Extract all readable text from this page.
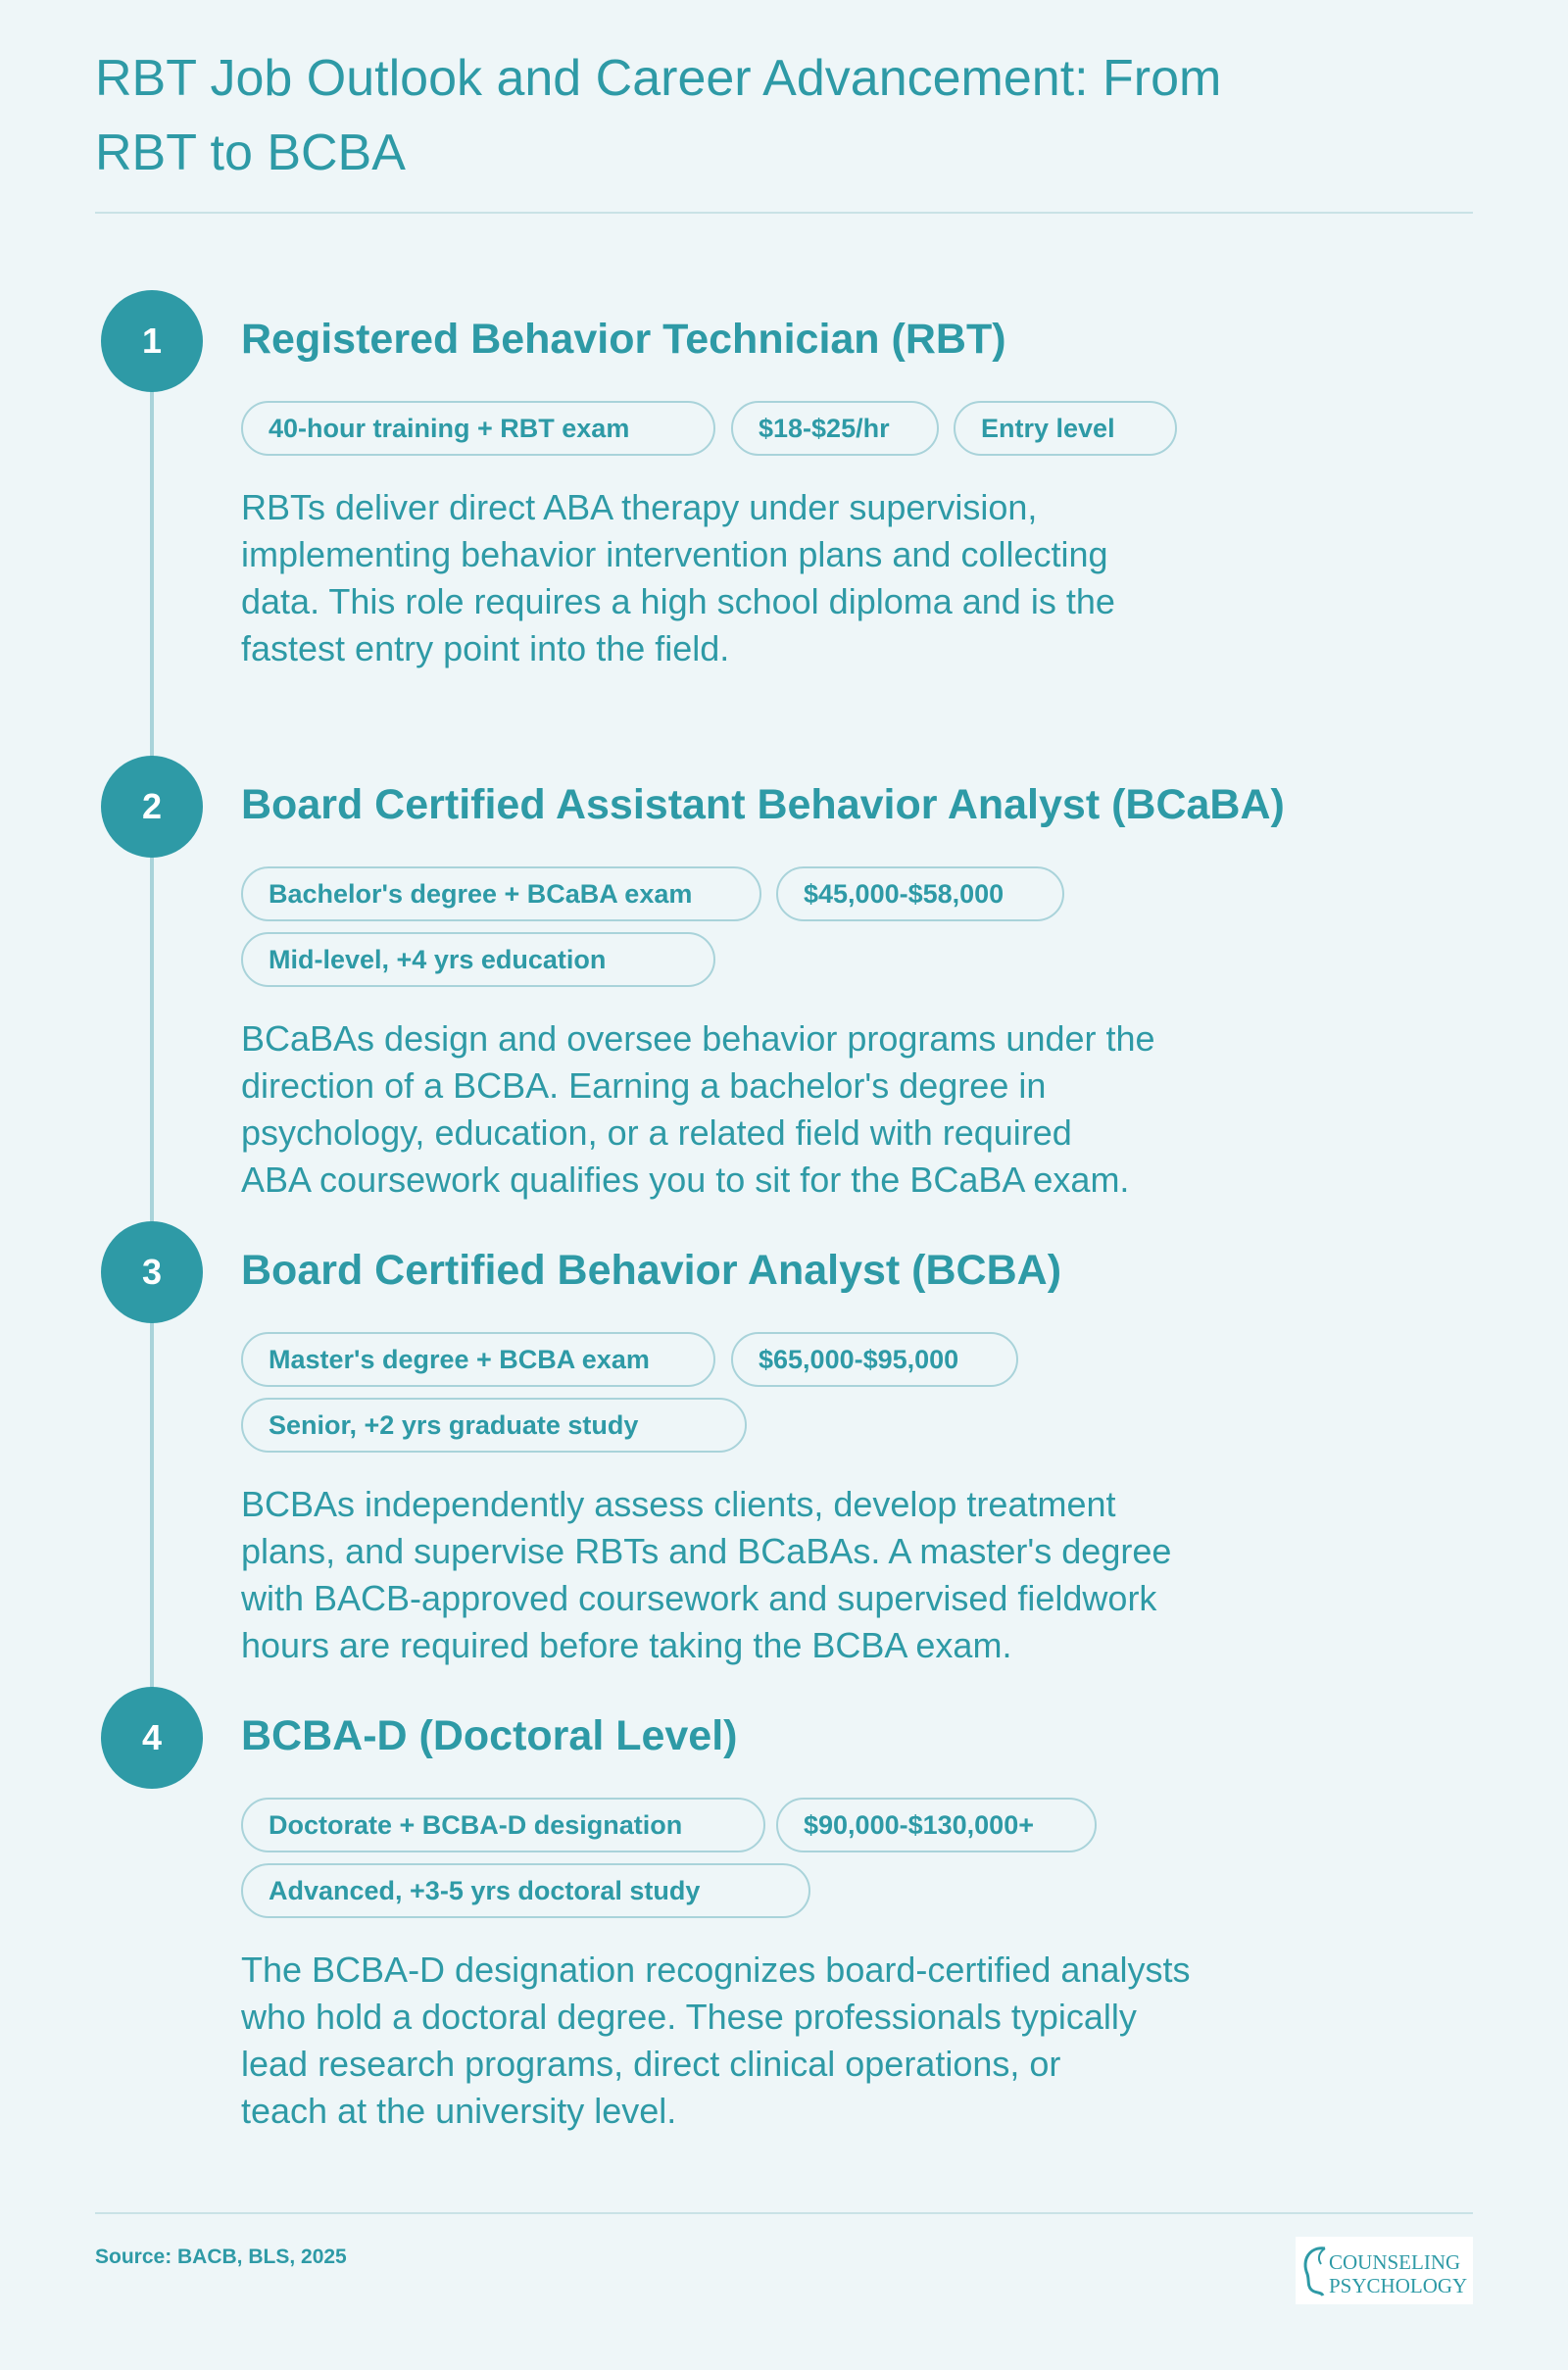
RBT Job Outlook and Career Advancement: From
RBT to BCBA
1	Registered Behavior Technician (RBT)
40-hour training + RBT exam	$18-$25/hr	Entry level
RBTs deliver direct ABA therapy under supervision,
implementing behavior intervention plans and collecting
data. This role requires a high school diploma and is the
fastest entry point into the field.
2	Board Certified Assistant Behavior Analyst (BCaBA)
Bachelor's degree + BCaBA exam	$45,000-$58,000
Mid-level, +4 yrs education
BCaBAs design and oversee behavior programs under the
direction of a BCBA. Earning a bachelor's degree in
psychology, education, or a related field with required
ABA coursework qualifies you to sit for the BCaBA exam.
3	Board Certified Behavior Analyst (BCBA)
Master's degree + BCBA exam	$65,000-$95,000
Senior, +2 yrs graduate study
BCBAs independently assess clients, develop treatment
plans, and supervise RBTs and BCaBAs. A master's degree
with BACB-approved coursework and supervised fieldwork
hours are required before taking the BCBA exam.
4	BCBA-D (Doctoral Level)
Doctorate + BCBA-D designation	$90,000-$130,000+
Advanced, +3-5 yrs doctoral study
The BCBA-D designation recognizes board-certified analysts
who hold a doctoral degree. These professionals typically
lead research programs, direct clinical operations, or
teach at the university level.
Source: BACB, BLS, 2025	COUNSELING
PSYCHOLOGY
